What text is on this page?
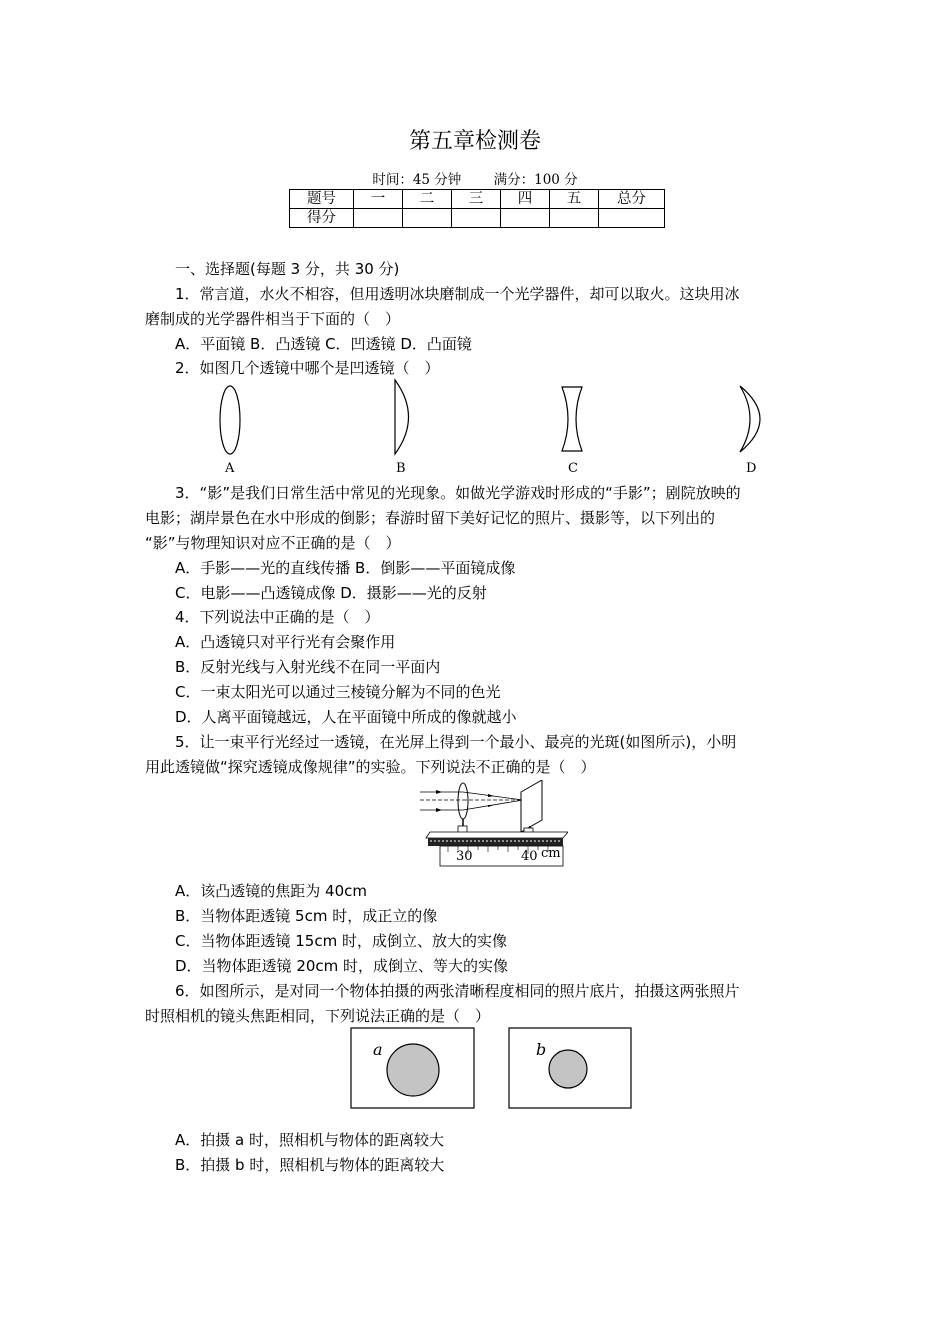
第五章检测卷
时间：45 分钟 满分：100 分
题号	一	二	三	四	五	总分
得分						
一、选择题(每题 3 分，共 30 分)
1．常言道，水火不相容，但用透明冰块磨制成一个光学器件，却可以取火。这块用冰
磨制成的光学器件相当于下面的（　）
A．平面镜 B．凸透镜 C．凹透镜 D．凸面镜
2．如图几个透镜中哪个是凹透镜（　）
A	B	C	D
3．“影”是我们日常生活中常见的光现象。如做光学游戏时形成的“手影”；剧院放映的
电影；湖岸景色在水中形成的倒影；春游时留下美好记忆的照片、摄影等，以下列出的
“影”与物理知识对应不正确的是（　）
A．手影——光的直线传播 B．倒影——平面镜成像
C．电影——凸透镜成像 D．摄影——光的反射
4．下列说法中正确的是（　）
A．凸透镜只对平行光有会聚作用
B．反射光线与入射光线不在同一平面内
C．一束太阳光可以通过三棱镜分解为不同的色光
D．人离平面镜越远，人在平面镜中所成的像就越小
5．让一束平行光经过一透镜，在光屏上得到一个最小、最亮的光斑(如图所示)，小明
用此透镜做“探究透镜成像规律”的实验。下列说法不正确的是（　）
30	40 cm
A．该凸透镜的焦距为 40cm
B．当物体距透镜 5cm 时，成正立的像
C．当物体距透镜 15cm 时，成倒立、放大的实像
D．当物体距透镜 20cm 时，成倒立、等大的实像
6．如图所示，是对同一个物体拍摄的两张清晰程度相同的照片底片，拍摄这两张照片
时照相机的镜头焦距相同，下列说法正确的是（　）
a	b
A．拍摄 a 时，照相机与物体的距离较大
B．拍摄 b 时，照相机与物体的距离较大
